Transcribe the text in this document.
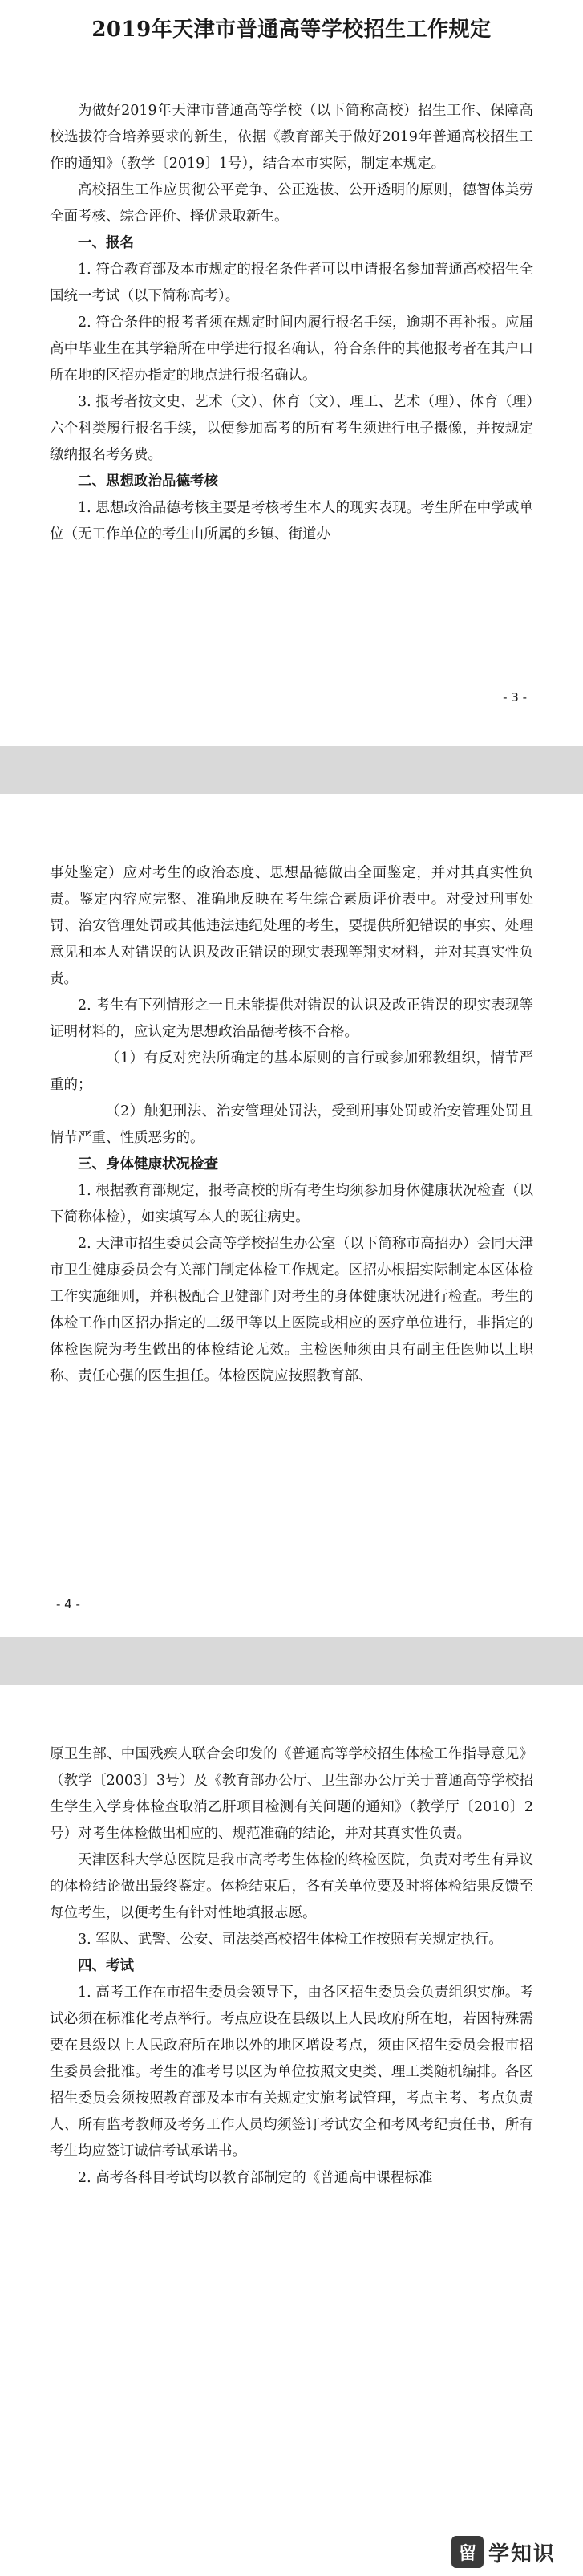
2019年天津市普通高等学校招生工作规定

为做好2019年天津市普通高等学校（以下简称高校）招生工作、保障高校选拔符合培养要求的新生，依据《教育部关于做好2019年普通高校招生工作的通知》（教学〔2019〕1号），结合本市实际，制定本规定。

高校招生工作应贯彻公平竞争、公正选拔、公开透明的原则，德智体美劳全面考核、综合评价、择优录取新生。

一、报名

1. 符合教育部及本市规定的报名条件者可以申请报名参加普通高校招生全国统一考试（以下简称高考）。

2. 符合条件的报考者须在规定时间内履行报名手续，逾期不再补报。应届高中毕业生在其学籍所在中学进行报名确认，符合条件的其他报考者在其户口所在地的区招办指定的地点进行报名确认。

3. 报考者按文史、艺术（文）、体育（文）、理工、艺术（理）、体育（理）六个科类履行报名手续，以便参加高考的所有考生须进行电子摄像，并按规定缴纳报名考务费。

二、思想政治品德考核

1. 思想政治品德考核主要是考核考生本人的现实表现。考生所在中学或单位（无工作单位的考生由所属的乡镇、街道办

- 3 -

事处鉴定）应对考生的政治态度、思想品德做出全面鉴定，并对其真实性负责。鉴定内容应完整、准确地反映在考生综合素质评价表中。对受过刑事处罚、治安管理处罚或其他违法违纪处理的考生，要提供所犯错误的事实、处理意见和本人对错误的认识及改正错误的现实表现等翔实材料，并对其真实性负责。

2. 考生有下列情形之一且未能提供对错误的认识及改正错误的现实表现等证明材料的，应认定为思想政治品德考核不合格。

（1）有反对宪法所确定的基本原则的言行或参加邪教组织，情节严重的；

（2）触犯刑法、治安管理处罚法，受到刑事处罚或治安管理处罚且情节严重、性质恶劣的。

三、身体健康状况检查

1. 根据教育部规定，报考高校的所有考生均须参加身体健康状况检查（以下简称体检），如实填写本人的既往病史。

2. 天津市招生委员会高等学校招生办公室（以下简称市高招办）会同天津市卫生健康委员会有关部门制定体检工作规定。区招办根据实际制定本区体检工作实施细则，并积极配合卫健部门对考生的身体健康状况进行检查。考生的体检工作由区招办指定的二级甲等以上医院或相应的医疗单位进行，非指定的体检医院为考生做出的体检结论无效。主检医师须由具有副主任医师以上职称、责任心强的医生担任。体检医院应按照教育部、

- 4 -

原卫生部、中国残疾人联合会印发的《普通高等学校招生体检工作指导意见》（教学〔2003〕3号）及《教育部办公厅、卫生部办公厅关于普通高等学校招生学生入学身体检查取消乙肝项目检测有关问题的通知》（教学厅〔2010〕2号）对考生体检做出相应的、规范准确的结论，并对其真实性负责。

天津医科大学总医院是我市高考考生体检的终检医院，负责对考生有异议的体检结论做出最终鉴定。体检结束后，各有关单位要及时将体检结果反馈至每位考生，以便考生有针对性地填报志愿。

3. 军队、武警、公安、司法类高校招生体检工作按照有关规定执行。

四、考试

1. 高考工作在市招生委员会领导下，由各区招生委员会负责组织实施。考试必须在标准化考点举行。考点应设在县级以上人民政府所在地，若因特殊需要在县级以上人民政府所在地以外的地区增设考点，须由区招生委员会报市招生委员会批准。考生的准考号以区为单位按照文史类、理工类随机编排。各区招生委员会须按照教育部及本市有关规定实施考试管理，考点主考、考点负责人、所有监考教师及考务工作人员均须签订考试安全和考风考纪责任书，所有考生均应签订诚信考试承诺书。

2. 高考各科目考试均以教育部制定的《普通高中课程标准

留 学知识
